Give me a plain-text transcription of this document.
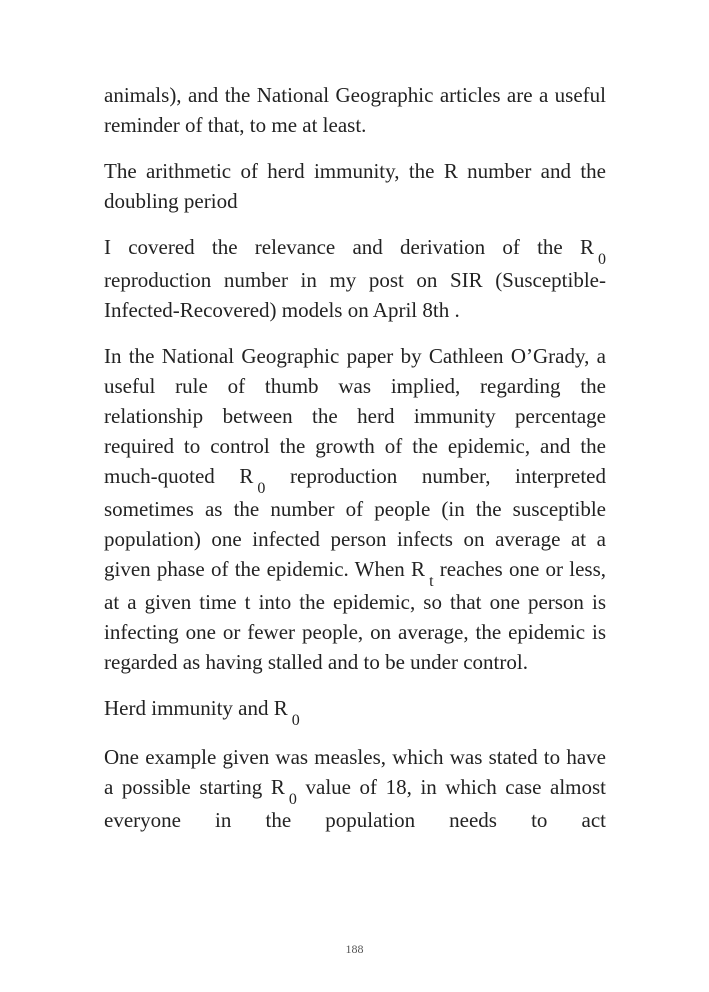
animals), and the National Geographic articles are a useful reminder of that, to me at least.

The arithmetic of herd immunity, the R number and the doubling period

I covered the relevance and derivation of the $R_0$ reproduction number in my post on SIR (Susceptible-Infected-Recovered) models on April 8th .

In the National Geographic paper by Cathleen O’Grady, a useful rule of thumb was implied, regarding the relationship between the herd immunity percentage required to control the growth of the epidemic, and the much-quoted $R_0$ reproduction number, interpreted sometimes as the number of people (in the susceptible population) one infected person infects on average at a given phase of the epidemic. When $R_t$ reaches one or less, at a given time t into the epidemic, so that one person is infecting one or fewer people, on average, the epidemic is regarded as having stalled and to be under control.

Herd immunity and $R_0$

One example given was measles, which was stated to have a possible starting $R_0$ value of 18, in which case almost everyone in the population needs to act

188
